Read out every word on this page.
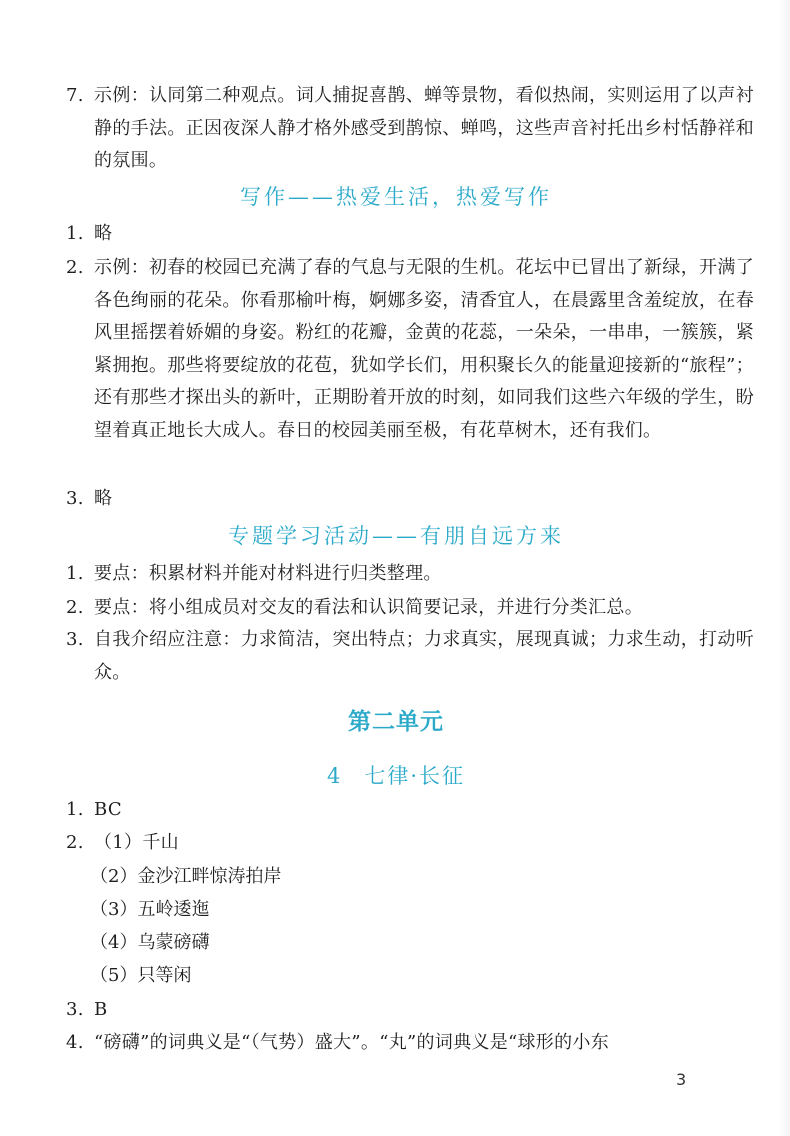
7. 示例：认同第二种观点。词人捕捉喜鹊、蝉等景物，看似热闹，实则运用了以声衬静的手法。正因夜深人静才格外感受到鹊惊、蝉鸣，这些声音衬托出乡村恬静祥和的氛围。
写作——热爱生活，热爱写作
1. 略
2. 示例：初春的校园已充满了春的气息与无限的生机。花坛中已冒出了新绿，开满了各色绚丽的花朵。你看那榆叶梅，婀娜多姿，清香宜人，在晨露里含羞绽放，在春风里摇摆着娇媚的身姿。粉红的花瓣，金黄的花蕊，一朵朵，一串串，一簇簇，紧紧拥抱。那些将要绽放的花苞，犹如学长们，用积聚长久的能量迎接新的“旅程”；还有那些才探出头的新叶，正期盼着开放的时刻，如同我们这些六年级的学生，盼望着真正地长大成人。春日的校园美丽至极，有花草树木，还有我们。
3. 略
专题学习活动——有朋自远方来
1. 要点：积累材料并能对材料进行归类整理。
2. 要点：将小组成员对交友的看法和认识简要记录，并进行分类汇总。
3. 自我介绍应注意：力求简洁，突出特点；力求真实，展现真诚；力求生动，打动听众。
第二单元
4 七律·长征
1. BC
2. （1）千山
（2）金沙江畔惊涛拍岸
（3）五岭逶迤
（4）乌蒙磅礴
（5）只等闲
3. B
4. “磅礴”的词典义是“（气势）盛大”。“丸”的词典义是“球形的小东
3
